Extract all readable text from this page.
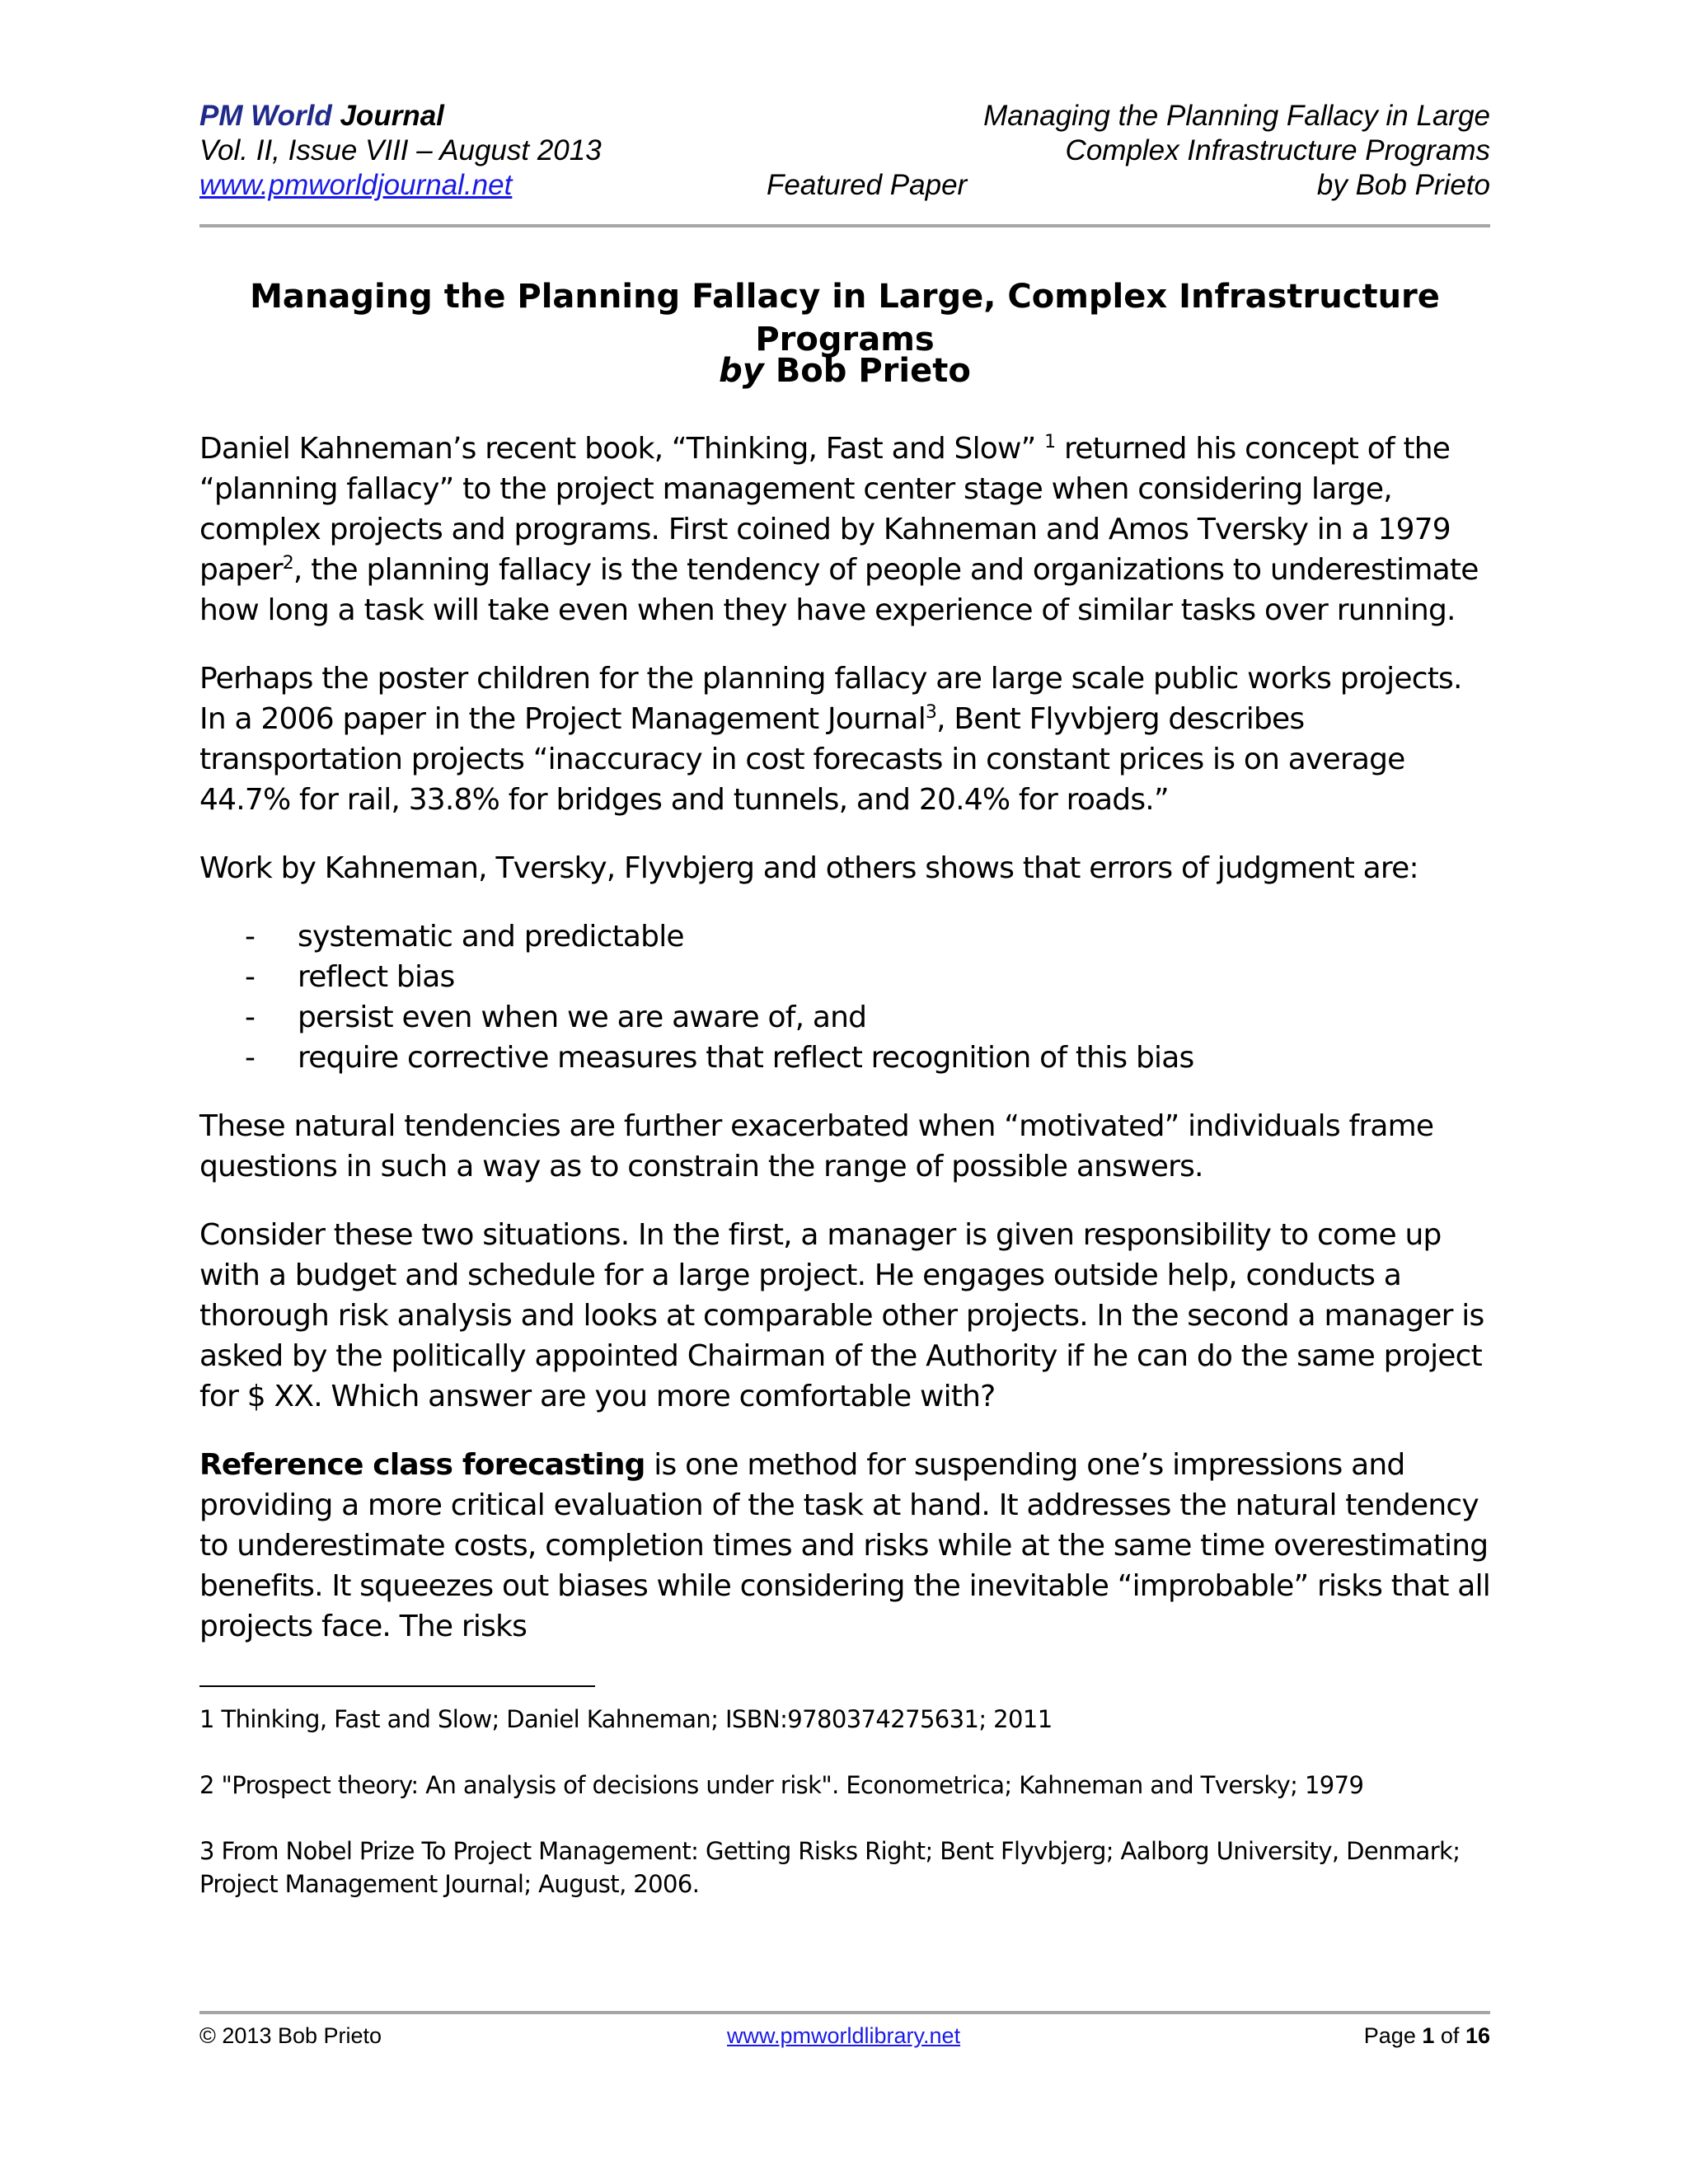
PM World Journal
Vol. II, Issue VIII – August 2013
www.pmworldjournal.net	Featured Paper
Managing the Planning Fallacy in Large
Complex Infrastructure Programs
by Bob Prieto
Managing the Planning Fallacy in Large, Complex Infrastructure Programs
by Bob Prieto

Daniel Kahneman’s recent book, “Thinking, Fast and Slow” $^1$ returned his concept of the “planning fallacy” to the project management center stage when considering large, complex projects and programs. First coined by Kahneman and Amos Tversky in a 1979 paper$^2$, the planning fallacy is the tendency of people and organizations to underestimate how long a task will take even when they have experience of similar tasks over running.

Perhaps the poster children for the planning fallacy are large scale public works projects. In a 2006 paper in the Project Management Journal$^3$, Bent Flyvbjerg describes transportation projects “inaccuracy in cost forecasts in constant prices is on average 44.7% for rail, 33.8% for bridges and tunnels, and 20.4% for roads.”

Work by Kahneman, Tversky, Flyvbjerg and others shows that errors of judgment are:

- systematic and predictable
- reflect bias
- persist even when we are aware of, and
- require corrective measures that reflect recognition of this bias

These natural tendencies are further exacerbated when “motivated” individuals frame questions in such a way as to constrain the range of possible answers.

Consider these two situations. In the first, a manager is given responsibility to come up with a budget and schedule for a large project. He engages outside help, conducts a thorough risk analysis and looks at comparable other projects. In the second a manager is asked by the politically appointed Chairman of the Authority if he can do the same project for $ XX. Which answer are you more comfortable with?

Reference class forecasting is one method for suspending one’s impressions and providing a more critical evaluation of the task at hand. It addresses the natural tendency to underestimate costs, completion times and risks while at the same time overestimating benefits. It squeezes out biases while considering the inevitable “improbable” risks that all projects face. The risks

1 Thinking, Fast and Slow; Daniel Kahneman; ISBN:9780374275631; 2011

2 "Prospect theory: An analysis of decisions under risk". Econometrica; Kahneman and Tversky; 1979

3 From Nobel Prize To Project Management: Getting Risks Right; Bent Flyvbjerg; Aalborg University, Denmark; Project Management Journal; August, 2006.

© 2013 Bob Prieto	www.pmworldlibrary.net	Page 1 of 16
